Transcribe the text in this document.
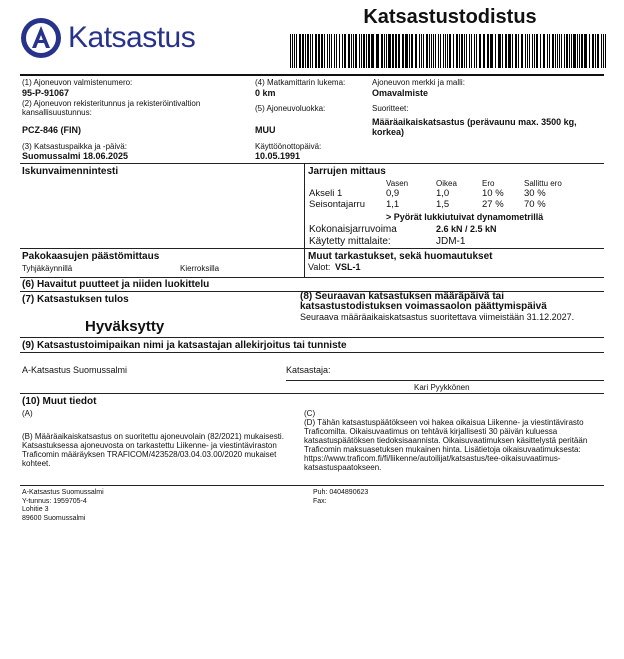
Katsastus
Katsastustodistus
(1) Ajoneuvon valmistenumero:
95-P-91067
(2) Ajoneuvon rekisteritunnus ja rekisteröintivaltion kansallisuustunnus:
PCZ-846 (FIN)
(3) Katsastuspaikka ja -päivä:
Suomussalmi 18.06.2025
(4) Matkamittarin lukema:
0 km
(5) Ajoneuvoluokka:
MUU
Käyttöönottopäivä:
10.05.1991
Ajoneuvon merkki ja malli:
Omavalmiste
Suoritteet:
Määräaikaiskatsastus (perävaunu max. 3500 kg, korkea)
Iskunvaimennintesti	Jarrujen mittaus
	Vasen	Oikea	Ero	Sallittu ero
Akseli 1	0,9	1,0	10 %	30 %
Seisontajarru	1,1	1,5	27 %	70 %
> Pyörät lukkiutuivat dynamometrillä
Kokonaisjarruvoima	2.6 kN / 2.5 kN
Käytetty mittalaite:	JDM-1
Pakokaasujen päästömittaus
Tyhjäkäynnillä	Kierroksilla
Muut tarkastukset, sekä huomautukset
Valot: VSL-1
(6) Havaitut puutteet ja niiden luokittelu
(7) Katsastuksen tulos
Hyväksytty
(8) Seuraavan katsastuksen määräpäivä tai katsastustodistuksen voimassaolon päättymispäivä
Seuraava määräaikaiskatsastus suoritettava viimeistään 31.12.2027.
(9) Katsastustoimipaikan nimi ja katsastajan allekirjoitus tai tunniste
A-Katsastus Suomussalmi	Katsastaja:
Kari Pyykkönen
(10) Muut tiedot
(A)
(B) Määräaikaiskatsastus on suoritettu ajoneuvolain (82/2021) mukaisesti. Katsastuksessa ajoneuvosta on tarkastettu Liikenne- ja viestintäviraston Traficomin määräyksen TRAFICOM/423528/03.04.03.00/2020 mukaiset kohteet.
(C)
(D) Tähän katsastuspäätökseen voi hakea oikaisua Liikenne- ja viestintävirasto Traficomilta. Oikaisuvaatimus on tehtävä kirjallisesti 30 päivän kuluessa katsastuspäätöksen tiedoksisaannista. Oikaisuvaatimuksen käsittelystä peritään Traficomin maksuasetuksen mukainen hinta. Lisätietoja oikaisuvaatimuksesta: https://www.traficom.fi/fi/liikenne/autoilijat/katsastus/tee-oikaisuvaatimus-katsastuspaatokseen.
A-Katsastus Suomussalmi
Y-tunnus: 1959705-4
Lohitie 3
89600 Suomussalmi
Puh: 0404890623
Fax:
